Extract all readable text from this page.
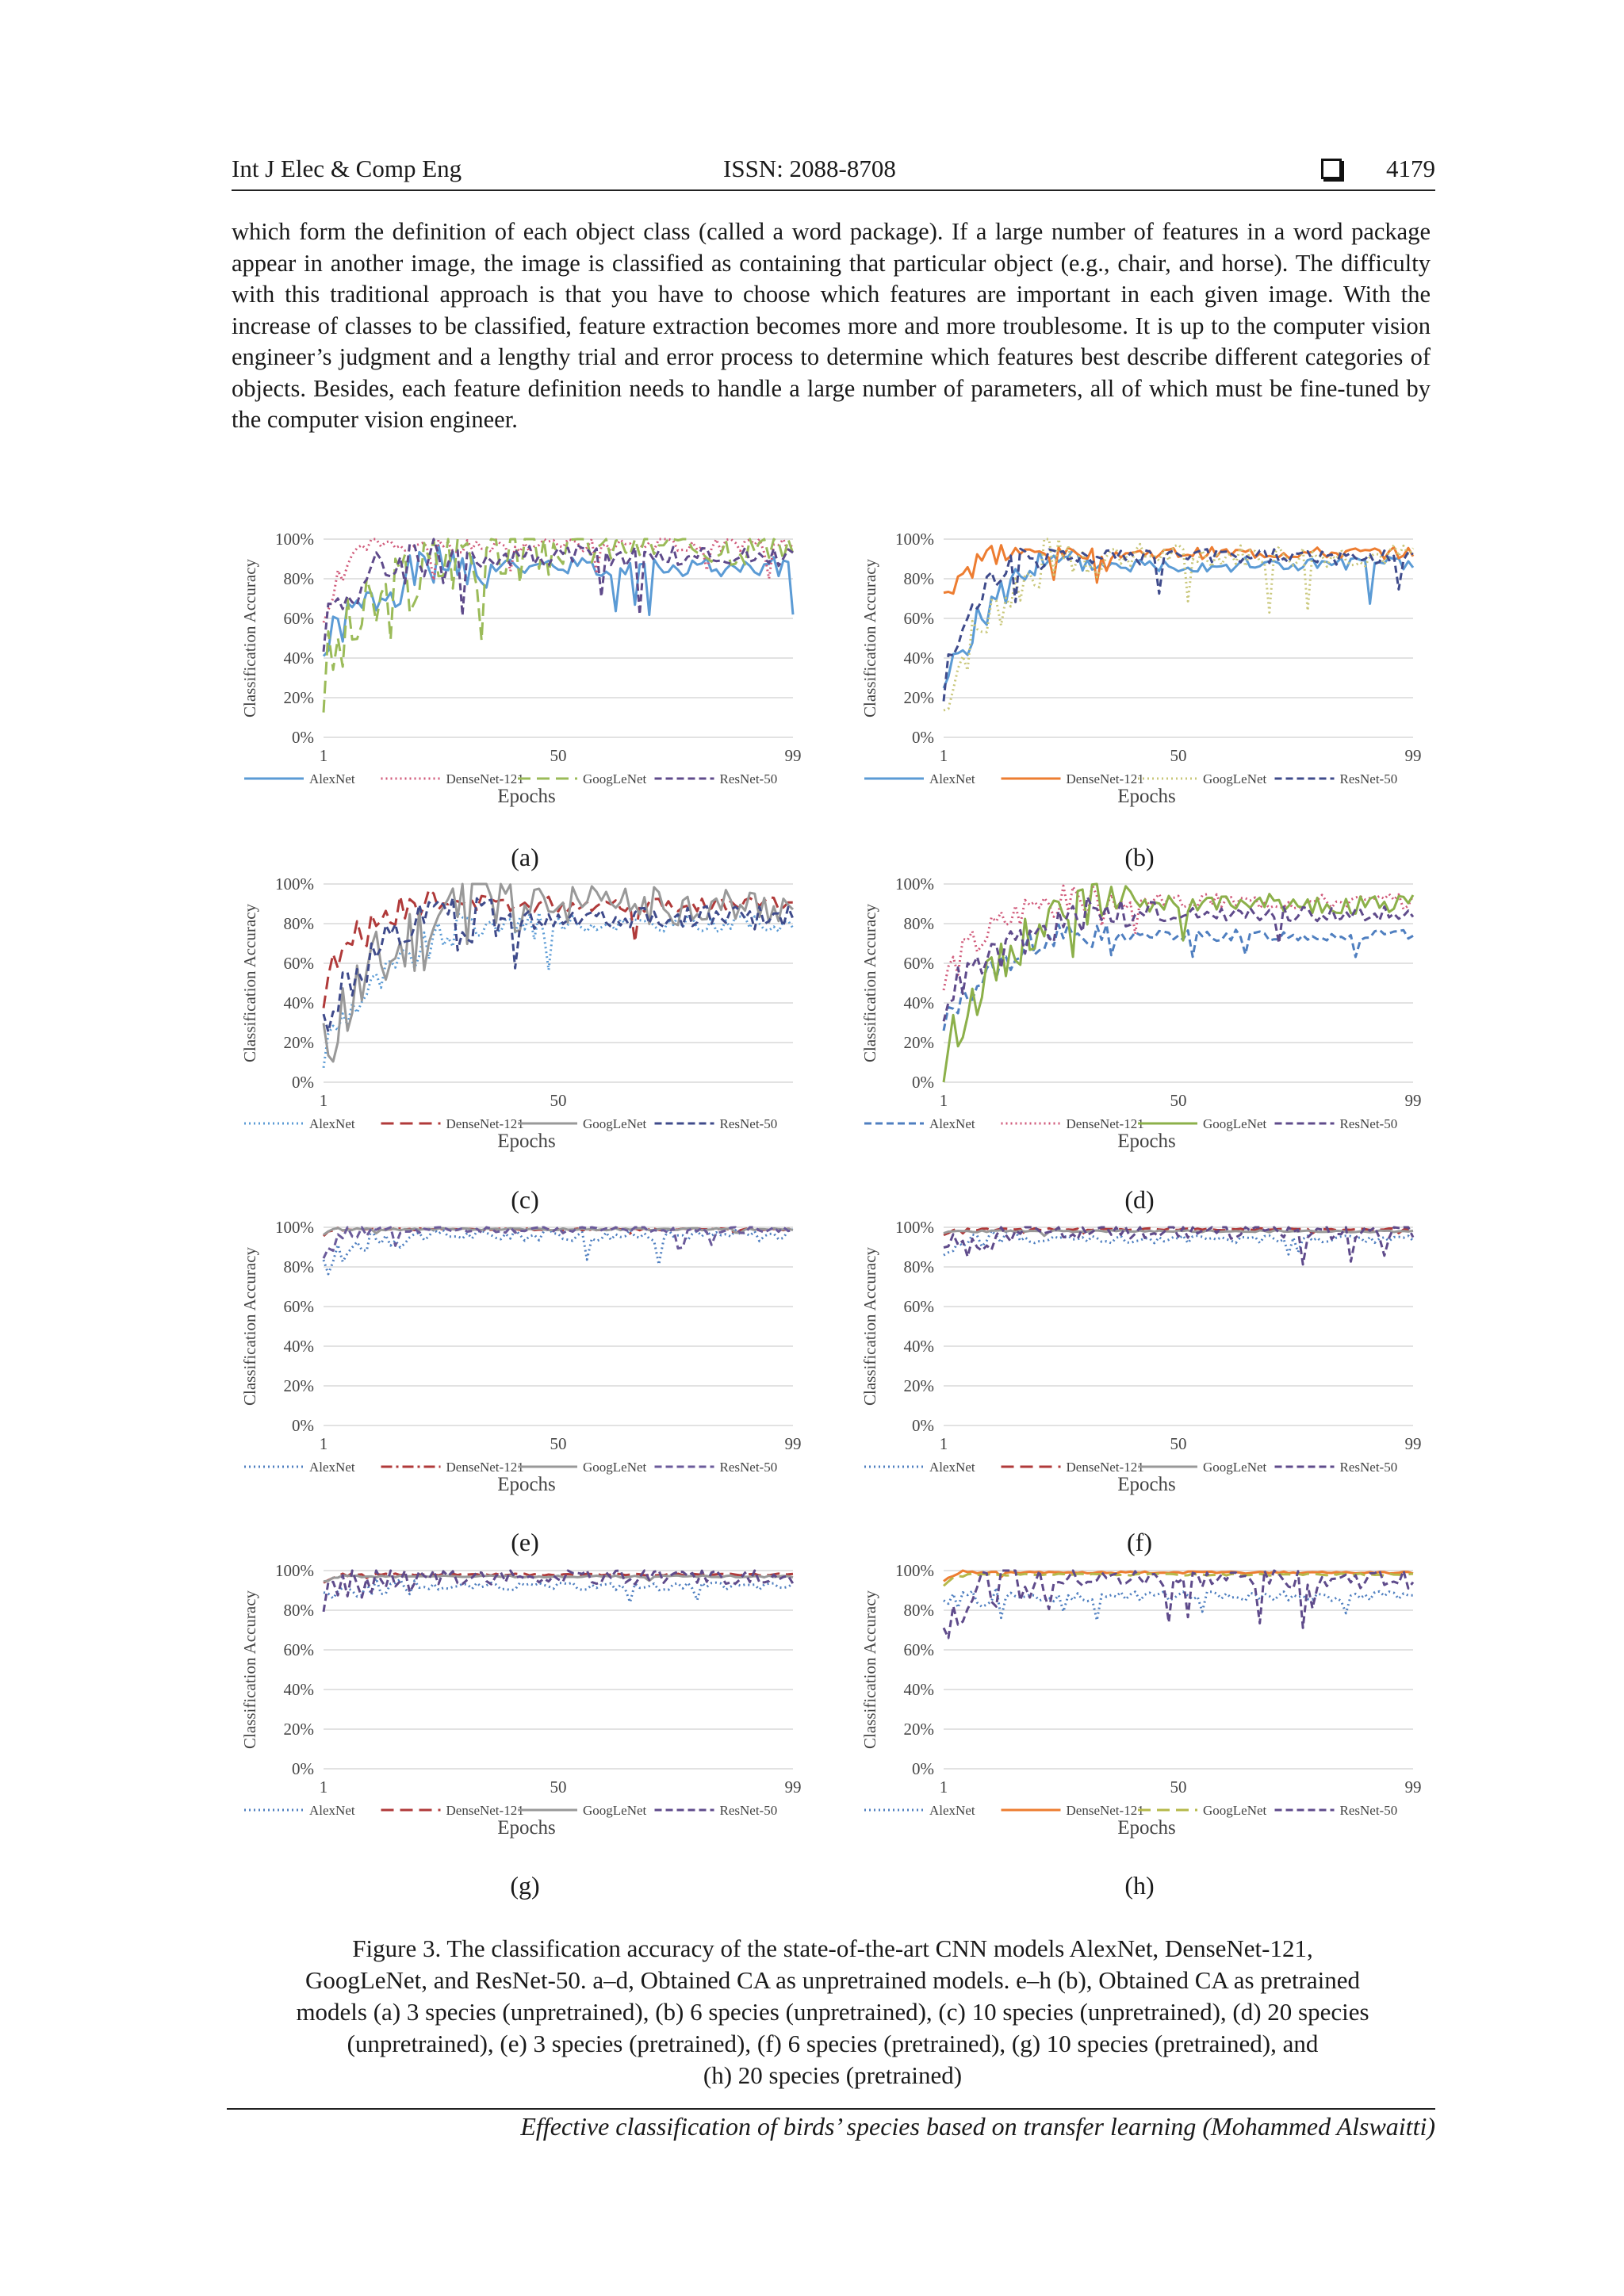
Int J Elec & Comp Eng	ISSN: 2088-8708	4179
which form the definition of each object class (called a word package). If a large number of features in a word package appear in another image, the image is classified as containing that particular object (e.g., chair, and horse). The difficulty with this traditional approach is that you have to choose which features are important in each given image. With the increase of classes to be classified, feature extraction becomes more and more troublesome. It is up to the computer vision engineer’s judgment and a lengthy trial and error process to determine which features best describe different categories of objects. Besides, each feature definition needs to handle a large number of parameters, all of which must be fine-tuned by the computer vision engineer.
0%
20%
40%
60%
80%
100%
1	50	99
Classification Accuracy
Epochs
AlexNet	DenseNet-121	GoogLeNet	ResNet-50
0%
20%
40%
60%
80%
100%
1	50	99
Classification Accuracy
Epochs
AlexNet	DenseNet-121	GoogLeNet	ResNet-50
0%
20%
40%
60%
80%
100%
1	50
Classification Accuracy
Epochs
AlexNet	DenseNet-121	GoogLeNet	ResNet-50
0%
20%
40%
60%
80%
100%
1	50	99
Classification Accuracy
Epochs
AlexNet	DenseNet-121	GoogLeNet	ResNet-50
0%
20%
40%
60%
80%
100%
1	50	99
Classification Accuracy
Epochs
AlexNet	DenseNet-121	GoogLeNet	ResNet-50
0%
20%
40%
60%
80%
100%
1	50	99
Classification Accuracy
Epochs
AlexNet	DenseNet-121	GoogLeNet	ResNet-50
0%
20%
40%
60%
80%
100%
1	50	99
Classification Accuracy
Epochs
AlexNet	DenseNet-121	GoogLeNet	ResNet-50
0%
20%
40%
60%
80%
100%
1	50	99
Classification Accuracy
Epochs
AlexNet	DenseNet-121	GoogLeNet	ResNet-50
(a)	(b)
(c)	(d)
(e)	(f)
(g)	(h)
Figure 3. The classification accuracy of the state-of-the-art CNN models AlexNet, DenseNet-121,
GoogLeNet, and ResNet-50. a–d, Obtained CA as unpretrained models. e–h (b), Obtained CA as pretrained
models (a) 3 species (unpretrained), (b) 6 species (unpretrained), (c) 10 species (unpretrained), (d) 20 species
(unpretrained), (e) 3 species (pretrained), (f) 6 species (pretrained), (g) 10 species (pretrained), and
(h) 20 species (pretrained)
Effective classification of birds’ species based on transfer learning (Mohammed Alswaitti)
